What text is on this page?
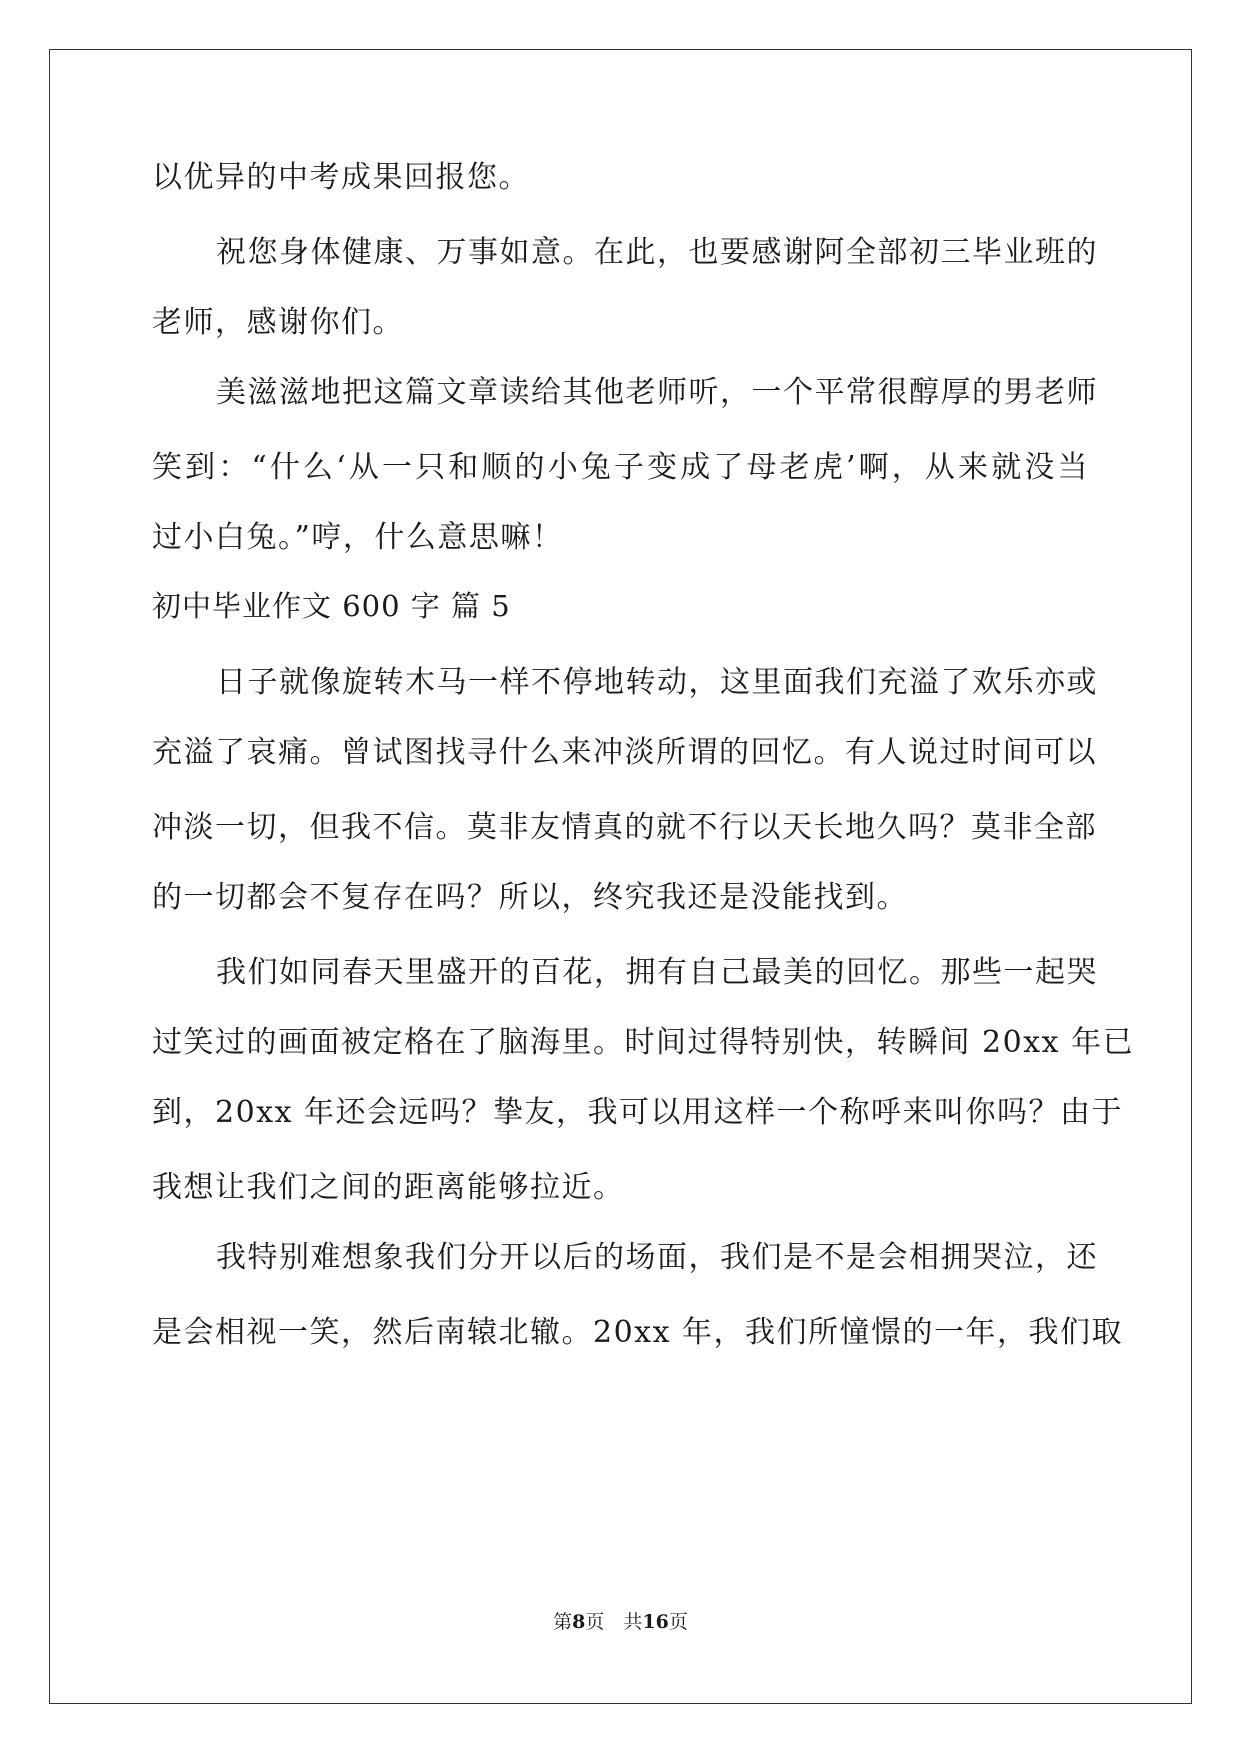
以优异的中考成果回报您。
祝您身体健康、万事如意。在此，也要感谢阿全部初三毕业班的
老师，感谢你们。
美滋滋地把这篇文章读给其他老师听，一个平常很醇厚的男老师
笑到：“什么‘从一只和顺的小兔子变成了母老虎’啊，从来就没当
过小白兔。”哼，什么意思嘛！
初中毕业作文 600 字 篇 5
日子就像旋转木马一样不停地转动，这里面我们充溢了欢乐亦或
充溢了哀痛。曾试图找寻什么来冲淡所谓的回忆。有人说过时间可以
冲淡一切，但我不信。莫非友情真的就不行以天长地久吗？莫非全部
的一切都会不复存在吗？所以，终究我还是没能找到。
我们如同春天里盛开的百花，拥有自己最美的回忆。那些一起哭
过笑过的画面被定格在了脑海里。时间过得特别快，转瞬间 20xx 年已
到，20xx 年还会远吗？挚友，我可以用这样一个称呼来叫你吗？由于
我想让我们之间的距离能够拉近。
我特别难想象我们分开以后的场面，我们是不是会相拥哭泣，还
是会相视一笑，然后南辕北辙。20xx 年，我们所憧憬的一年，我们取
第8页　共16页
